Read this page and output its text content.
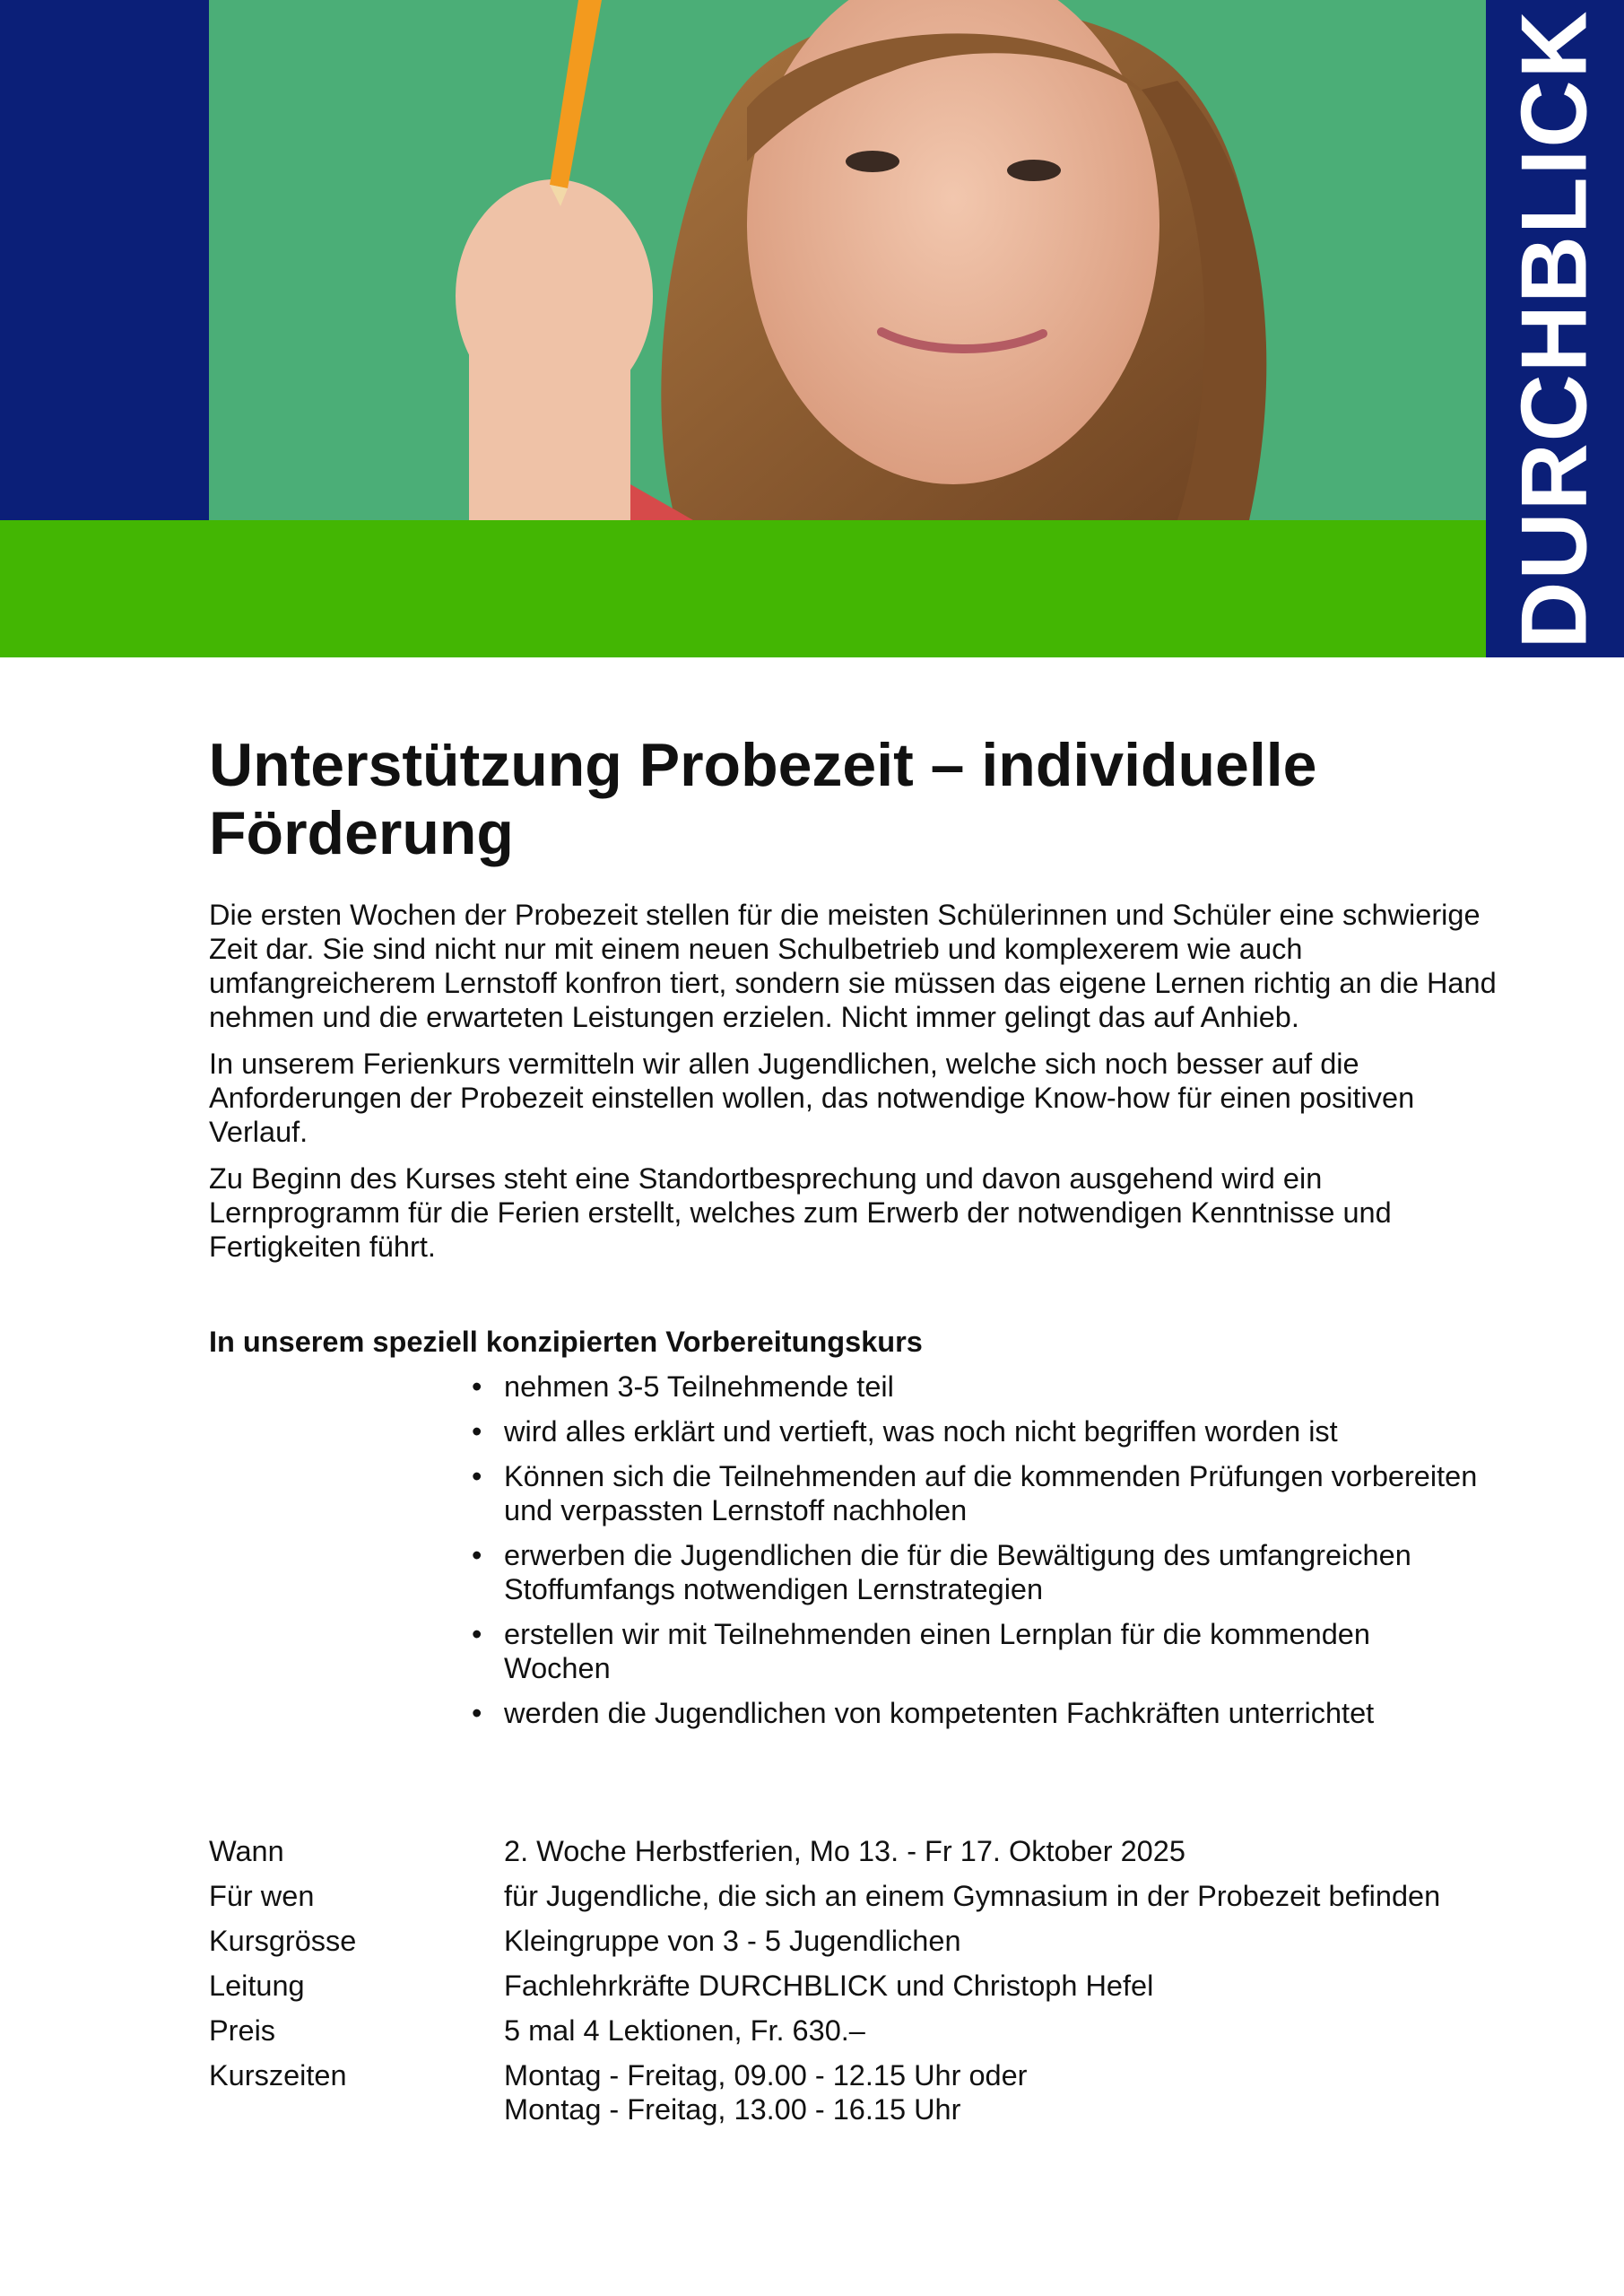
DURCHBLICK
Unterstützung Probezeit – individuelle Förderung

Die ersten Wochen der Probezeit stellen für die meisten Schülerinnen und Schüler eine schwierige Zeit dar. Sie sind nicht nur mit einem neuen Schulbetrieb und komplexerem wie auch umfangreicherem Lernstoff konfron tiert, sondern sie müssen das eigene Lernen richtig an die Hand nehmen und die erwarteten Leistungen erzielen. Nicht immer gelingt das auf Anhieb.

In unserem Ferienkurs vermitteln wir allen Jugendlichen, welche sich noch besser auf die Anforderungen der Probezeit einstellen wollen, das notwendige Know-how für einen positiven Verlauf.

Zu Beginn des Kurses steht eine Standortbesprechung und davon ausgehend wird ein Lernprogramm für die Ferien erstellt, welches zum Erwerb der notwendigen Kenntnisse und Fertigkeiten führt.

In unserem speziell konzipierten Vorbereitungskurs
• nehmen 3-5 Teilnehmende teil
• wird alles erklärt und vertieft, was noch nicht begriffen worden ist
• Können sich die Teilnehmenden auf die kommenden Prüfungen vorbereiten und verpassten Lernstoff nachholen
• erwerben die Jugendlichen die für die Bewältigung des umfangreichen Stoffumfangs notwendigen Lernstrategien
• erstellen wir mit Teilnehmenden einen Lernplan für die kommenden Wochen
• werden die Jugendlichen von kompetenten Fachkräften unterrichtet
Wann	2. Woche Herbstferien, Mo 13. - Fr 17. Oktober 2025
Für wen	für Jugendliche, die sich an einem Gymnasium in der Probezeit befinden
Kursgrösse	Kleingruppe von 3 - 5 Jugendlichen
Leitung	Fachlehrkräfte DURCHBLICK und Christoph Hefel
Preis	5 mal 4 Lektionen, Fr. 630.–
Kurszeiten	Montag - Freitag, 09.00 - 12.15 Uhr oder
Montag - Freitag, 13.00 - 16.15 Uhr
